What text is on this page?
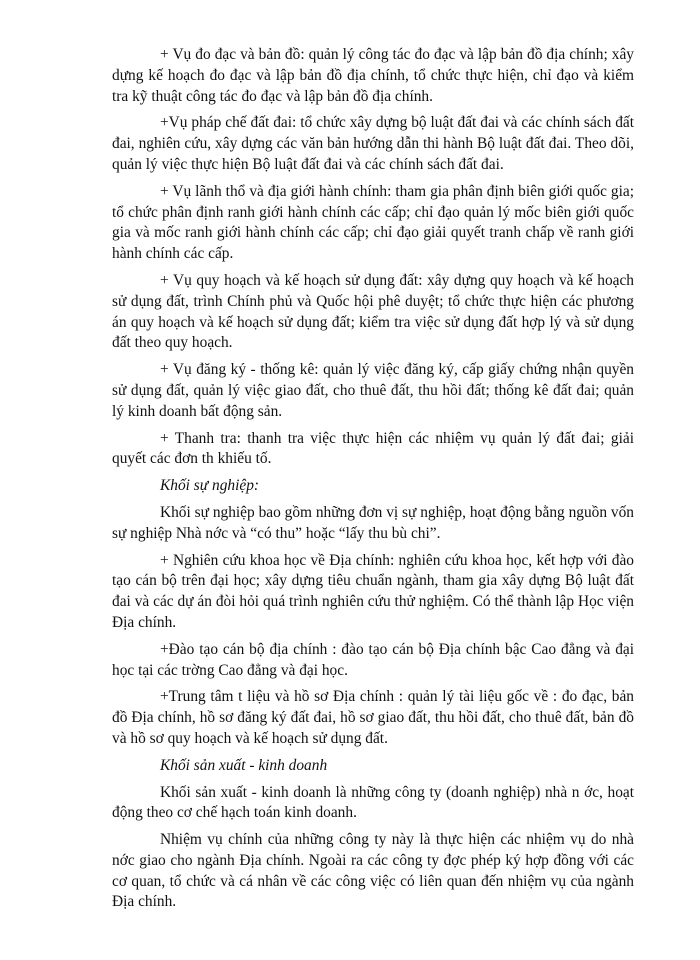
+ Vụ đo đạc và bản đồ: quản lý công tác đo đạc và lập bản đồ địa chính; xây dựng kế hoạch đo đạc và lập bản đồ địa chính, tổ chức thực hiện, chỉ đạo và kiểm tra kỹ thuật công tác đo đạc và lập bản đồ địa chính.

+Vụ pháp chế đất đai: tổ chức xây dựng bộ luật đất đai và các chính sách đất đai, nghiên cứu, xây dựng các văn bản hướng dẫn thi hành Bộ luật đất đai. Theo dõi, quản lý việc thực hiện Bộ luật đất đai và các chính sách đất đai.

+ Vụ lãnh thổ và địa giới hành chính: tham gia phân định biên giới quốc gia; tổ chức phân định ranh giới hành chính các cấp; chỉ đạo quản lý mốc biên giới quốc gia và mốc ranh giới hành chính các cấp; chỉ đạo giải quyết tranh chấp về ranh giới hành chính các cấp.

+ Vụ quy hoạch và kế hoạch sử dụng đất: xây dựng quy hoạch và kế hoạch sử dụng đất, trình Chính phủ và Quốc hội phê duyệt; tổ chức thực hiện các phương án quy hoạch và kế hoạch sử dụng đất; kiểm tra việc sử dụng đất hợp lý và sử dụng đất theo quy hoạch.

+ Vụ đăng ký - thống kê: quản lý việc đăng ký, cấp giấy chứng nhận quyền sử dụng đất, quản lý việc giao đất, cho thuê đất, thu hồi đất; thống kê đất đai; quản lý kinh doanh bất động sản.

+ Thanh tra: thanh tra việc thực hiện các nhiệm vụ quản lý đất đai; giải quyết các đơn th khiếu tố.

Khối sự nghiệp:

Khối sự nghiệp bao gồm những đơn vị sự nghiệp, hoạt động bằng nguồn vốn sự nghiệp Nhà nớc và “có thu” hoặc “lấy thu bù chi”.

+ Nghiên cứu khoa học về Địa chính: nghiên cứu khoa học, kết hợp với đào tạo cán bộ trên đại học; xây dựng tiêu chuẩn ngành, tham gia xây dựng Bộ luật đất đai và các dự án đòi hỏi quá trình nghiên cứu thử nghiệm. Có thể thành lập Học viện Địa chính.

+Đào tạo cán bộ địa chính : đào tạo cán bộ Địa chính bậc Cao đẳng và đại học tại các trờng Cao đẳng và đại học.

+Trung tâm t liệu và hồ sơ Địa chính : quản lý tài liệu gốc về : đo đạc, bản đồ Địa chính, hồ sơ đăng ký đất đai, hồ sơ giao đất, thu hồi đất, cho thuê đất, bản đồ và hồ sơ quy hoạch và kế hoạch sử dụng đất.

Khối sản xuất - kinh doanh

Khối sản xuất - kinh doanh là những công ty (doanh nghiệp) nhà n ớc, hoạt động theo cơ chế hạch toán kinh doanh.

Nhiệm vụ chính của những công ty này là thực hiện các nhiệm vụ do nhà nớc giao cho ngành Địa chính. Ngoài ra các công ty đợc phép ký hợp đồng với các cơ quan, tổ chức và cá nhân về các công việc có liên quan đến nhiệm vụ của ngành Địa chính.
